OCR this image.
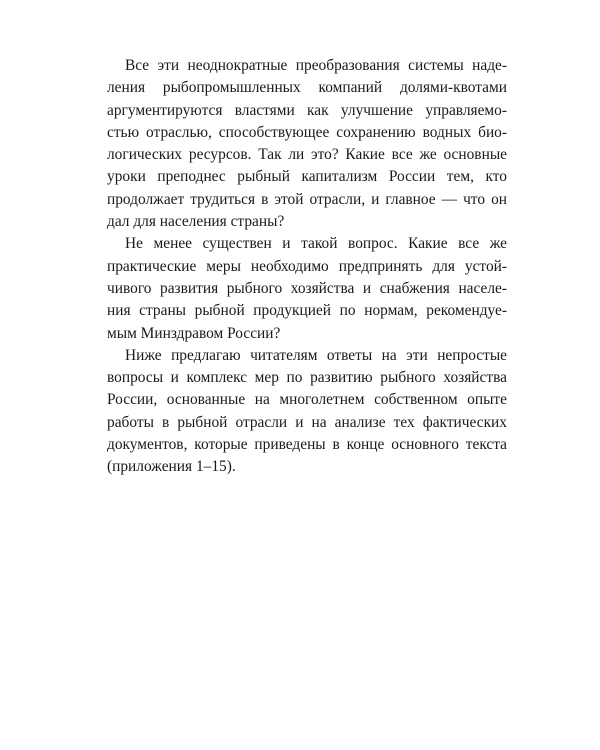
Все эти неоднократные преобразования системы наде-
ления рыбопромышленных компаний долями-квотами
аргументируются властями как улучшение управляемо-
стью отраслью, способствующее сохранению водных био-
логических ресурсов. Так ли это? Какие все же основные
уроки преподнес рыбный капитализм России тем, кто
продолжает трудиться в этой отрасли, и главное — что он
дал для населения страны?
Не менее существен и такой вопрос. Какие все же
практические меры необходимо предпринять для устой-
чивого развития рыбного хозяйства и снабжения населе-
ния страны рыбной продукцией по нормам, рекомендуе-
мым Минздравом России?
Ниже предлагаю читателям ответы на эти непростые
вопросы и комплекс мер по развитию рыбного хозяйства
России, основанные на многолетнем собственном опыте
работы в рыбной отрасли и на анализе тех фактических
документов, которые приведены в конце основного текста
(приложения 1–15).
